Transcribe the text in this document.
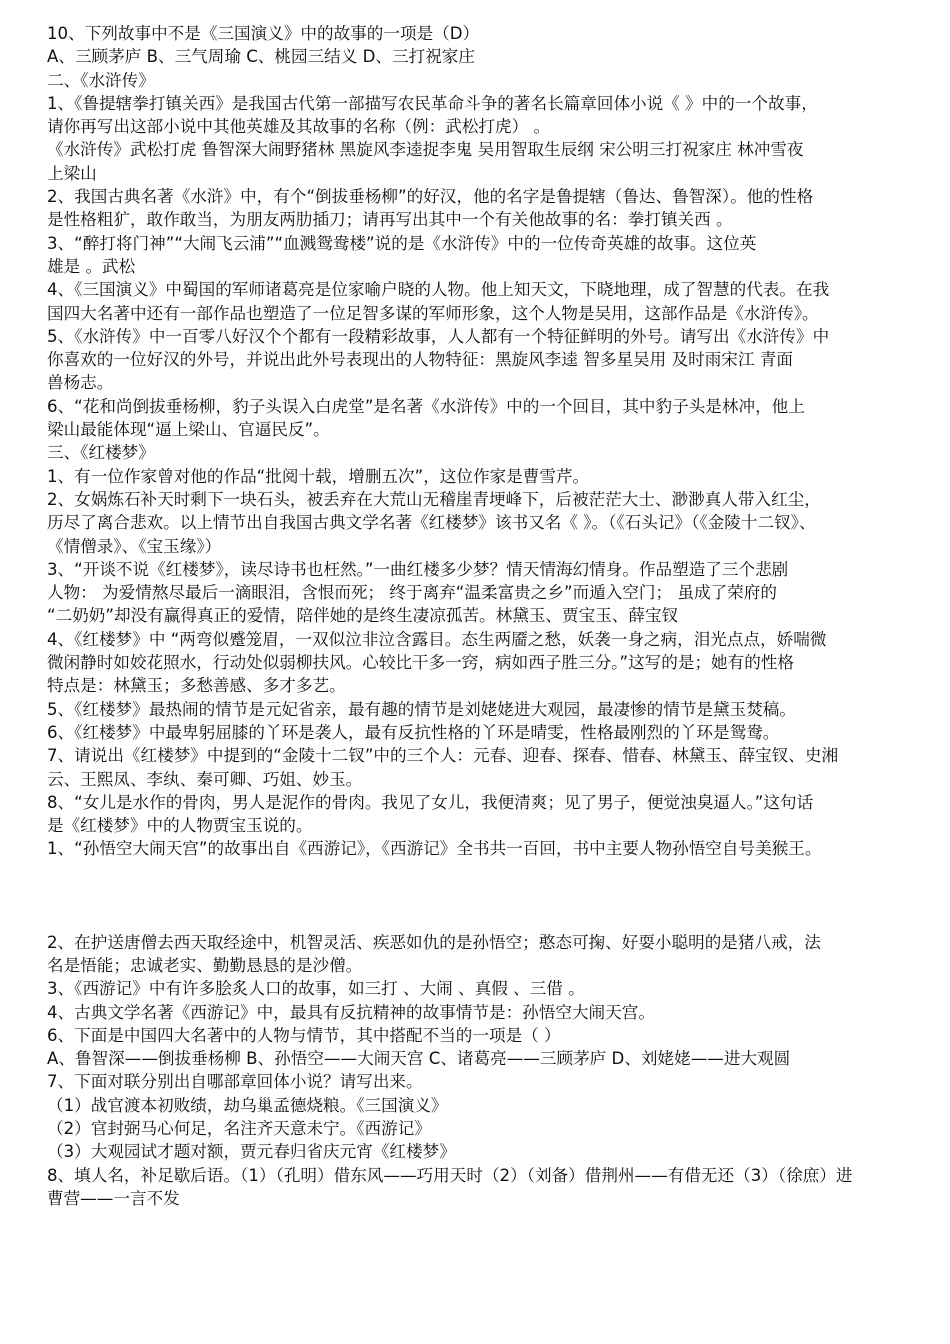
10、下列故事中不是《三国演义》中的故事的一项是（D）
A、三顾茅庐 B、三气周瑜 C、桃园三结义 D、三打祝家庄
二、《水浒传》
1、《鲁提辖拳打镇关西》是我国古代第一部描写农民革命斗争的著名长篇章回体小说《 》中的一个故事，
请你再写出这部小说中其他英雄及其故事的名称（例：武松打虎） 。
《水浒传》武松打虎 鲁智深大闹野猪林 黑旋风李逵捉李鬼 吴用智取生辰纲 宋公明三打祝家庄 林冲雪夜
上梁山
2、我国古典名著《水浒》中，有个“倒拔垂杨柳”的好汉，他的名字是鲁提辖（鲁达、鲁智深）。他的性格
是性格粗犷，敢作敢当，为朋友两肋插刀；请再写出其中一个有关他故事的名：拳打镇关西 。
3、“醉打将门神”“大闹飞云浦”“血溅鸳鸯楼”说的是《水浒传》中的一位传奇英雄的故事。这位英
雄是 。武松
4、《三国演义》中蜀国的军师诸葛亮是位家喻户晓的人物。他上知天文，下晓地理，成了智慧的代表。在我
国四大名著中还有一部作品也塑造了一位足智多谋的军师形象，这个人物是吴用，这部作品是《水浒传》。
5、《水浒传》中一百零八好汉个个都有一段精彩故事，人人都有一个特征鲜明的外号。请写出《水浒传》中
你喜欢的一位好汉的外号，并说出此外号表现出的人物特征：黑旋风李逵 智多星吴用 及时雨宋江 青面
兽杨志。
6、“花和尚倒拔垂杨柳，豹子头误入白虎堂”是名著《水浒传》中的一个回目，其中豹子头是林冲，他上
梁山最能体现“逼上梁山、官逼民反”。
三、《红楼梦》
1、有一位作家曾对他的作品“批阅十载，增删五次”，这位作家是曹雪芹。
2、女娲炼石补天时剩下一块石头，被丢弃在大荒山无稽崖青埂峰下，后被茫茫大士、渺渺真人带入红尘，
历尽了离合悲欢。以上情节出自我国古典文学名著《红楼梦》该书又名《 》。（《石头记》（《金陵十二钗》、
《情僧录》、《宝玉缘》）
3、“开谈不说《红楼梦》，读尽诗书也枉然。”一曲红楼多少梦？情天情海幻情身。作品塑造了三个悲剧
人物： 为爱情熬尽最后一滴眼泪，含恨而死； 终于离弃“温柔富贵之乡”而遁入空门； 虽成了荣府的
“二奶奶”却没有赢得真正的爱情，陪伴她的是终生凄凉孤苦。林黛玉、贾宝玉、薛宝钗
4、《红楼梦》中 “两弯似蹙笼眉，一双似泣非泣含露目。态生两靥之愁，妖袭一身之病，泪光点点，娇喘微
微闲静时如姣花照水，行动处似弱柳扶风。心较比干多一窍，病如西子胜三分。”这写的是；她有的性格
特点是：林黛玉；多愁善感、多才多艺。
5、《红楼梦》最热闹的情节是元妃省亲，最有趣的情节是刘姥姥进大观园，最凄惨的情节是黛玉焚稿。
6、《红楼梦》中最卑躬屈膝的丫环是袭人，最有反抗性格的丫环是晴雯，性格最刚烈的丫环是鸳鸯。
7、请说出《红楼梦》中提到的“金陵十二钗”中的三个人：元春、迎春、探春、惜春、林黛玉、薛宝钗、史湘
云、王熙凤、李纨、秦可卿、巧姐、妙玉。
8、“女儿是水作的骨肉，男人是泥作的骨肉。我见了女儿，我便清爽；见了男子，便觉浊臭逼人。”这句话
是《红楼梦》中的人物贾宝玉说的。
1、“孙悟空大闹天宫”的故事出自《西游记》，《西游记》全书共一百回，书中主要人物孙悟空自号美猴王。
2、在护送唐僧去西天取经途中，机智灵活、疾恶如仇的是孙悟空；憨态可掬、好耍小聪明的是猪八戒，法
名是悟能；忠诚老实、勤勤恳恳的是沙僧。
3、《西游记》中有许多脍炙人口的故事，如三打 、大闹 、真假 、三借 。
4、古典文学名著《西游记》中，最具有反抗精神的故事情节是：孙悟空大闹天宫。
6、下面是中国四大名著中的人物与情节，其中搭配不当的一项是（ ）
A、鲁智深——倒拔垂杨柳 B、孙悟空——大闹天宫 C、诸葛亮——三顾茅庐 D、刘姥姥——进大观圆
7、下面对联分别出自哪部章回体小说？请写出来。
（1）战官渡本初败绩，劫乌巢孟德烧粮。《三国演义》
（2）官封弼马心何足，名注齐天意未宁。《西游记》
（3）大观园试才题对额，贾元春归省庆元宵《红楼梦》
8、填人名，补足歇后语。（1）（孔明）借东风——巧用天时（2）（刘备）借荆州——有借无还（3）（徐庶）进
曹营——一言不发
